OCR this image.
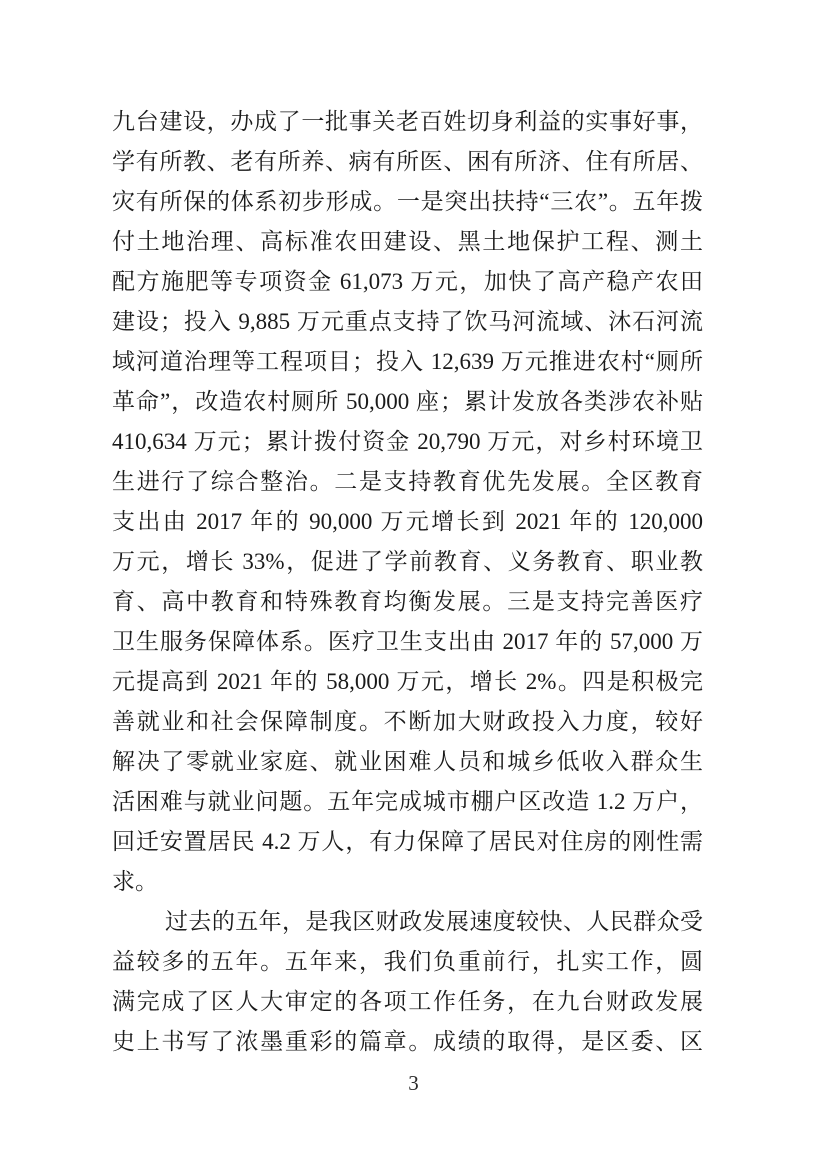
九台建设，办成了一批事关老百姓切身利益的实事好事，
学有所教、老有所养、病有所医、困有所济、住有所居、
灾有所保的体系初步形成。一是突出扶持“三农”。五年拨
付土地治理、高标准农田建设、黑土地保护工程、测土
配方施肥等专项资金 61,073 万元，加快了高产稳产农田
建设；投入 9,885 万元重点支持了饮马河流域、沐石河流
域河道治理等工程项目；投入 12,639 万元推进农村“厕所
革命”，改造农村厕所 50,000 座；累计发放各类涉农补贴
410,634 万元；累计拨付资金 20,790 万元，对乡村环境卫
生进行了综合整治。二是支持教育优先发展。全区教育
支出由 2017 年的 90,000 万元增长到 2021 年的 120,000
万元，增长 33%，促进了学前教育、义务教育、职业教
育、高中教育和特殊教育均衡发展。三是支持完善医疗
卫生服务保障体系。医疗卫生支出由 2017 年的 57,000 万
元提高到 2021 年的 58,000 万元，增长 2%。四是积极完
善就业和社会保障制度。不断加大财政投入力度，较好
解决了零就业家庭、就业困难人员和城乡低收入群众生
活困难与就业问题。五年完成城市棚户区改造 1.2 万户，
回迁安置居民 4.2 万人，有力保障了居民对住房的刚性需
求。
过去的五年，是我区财政发展速度较快、人民群众受
益较多的五年。五年来，我们负重前行，扎实工作，圆
满完成了区人大审定的各项工作任务，在九台财政发展
史上书写了浓墨重彩的篇章。成绩的取得，是区委、区
3
